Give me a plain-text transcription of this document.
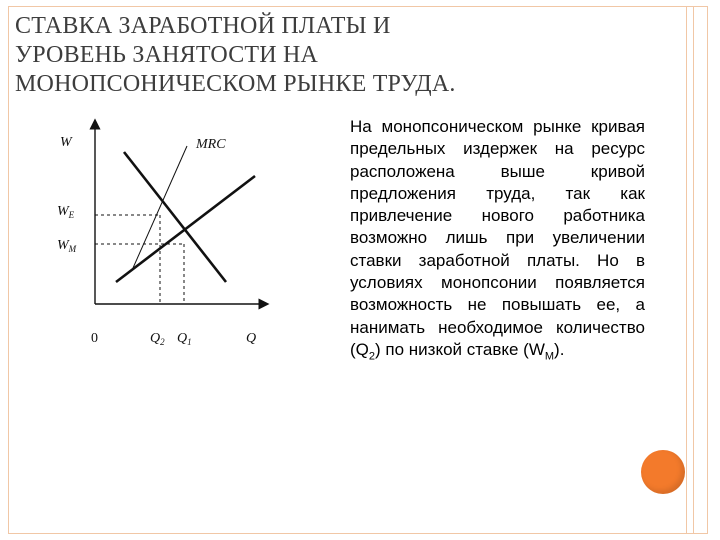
СТАВКА ЗАРАБОТНОЙ ПЛАТЫ И
УРОВЕНЬ ЗАНЯТОСТИ НА
МОНОПСОНИЧЕСКОМ РЫНКЕ ТРУДА.
W	MRC
$W_E$
$W_M$
0	$Q_2$ $Q_1$	Q
На монопсоническом рынке кривая предельных издержек на ресурс расположена выше кривой предложения труда, так как привлечение нового работника возможно лишь при увеличении ставки заработной платы. Но в условиях монопсонии появляется возможность не повышать ее, а нанимать необходимое количество $(Q_2)$ по низкой ставке $(W_M)$.
